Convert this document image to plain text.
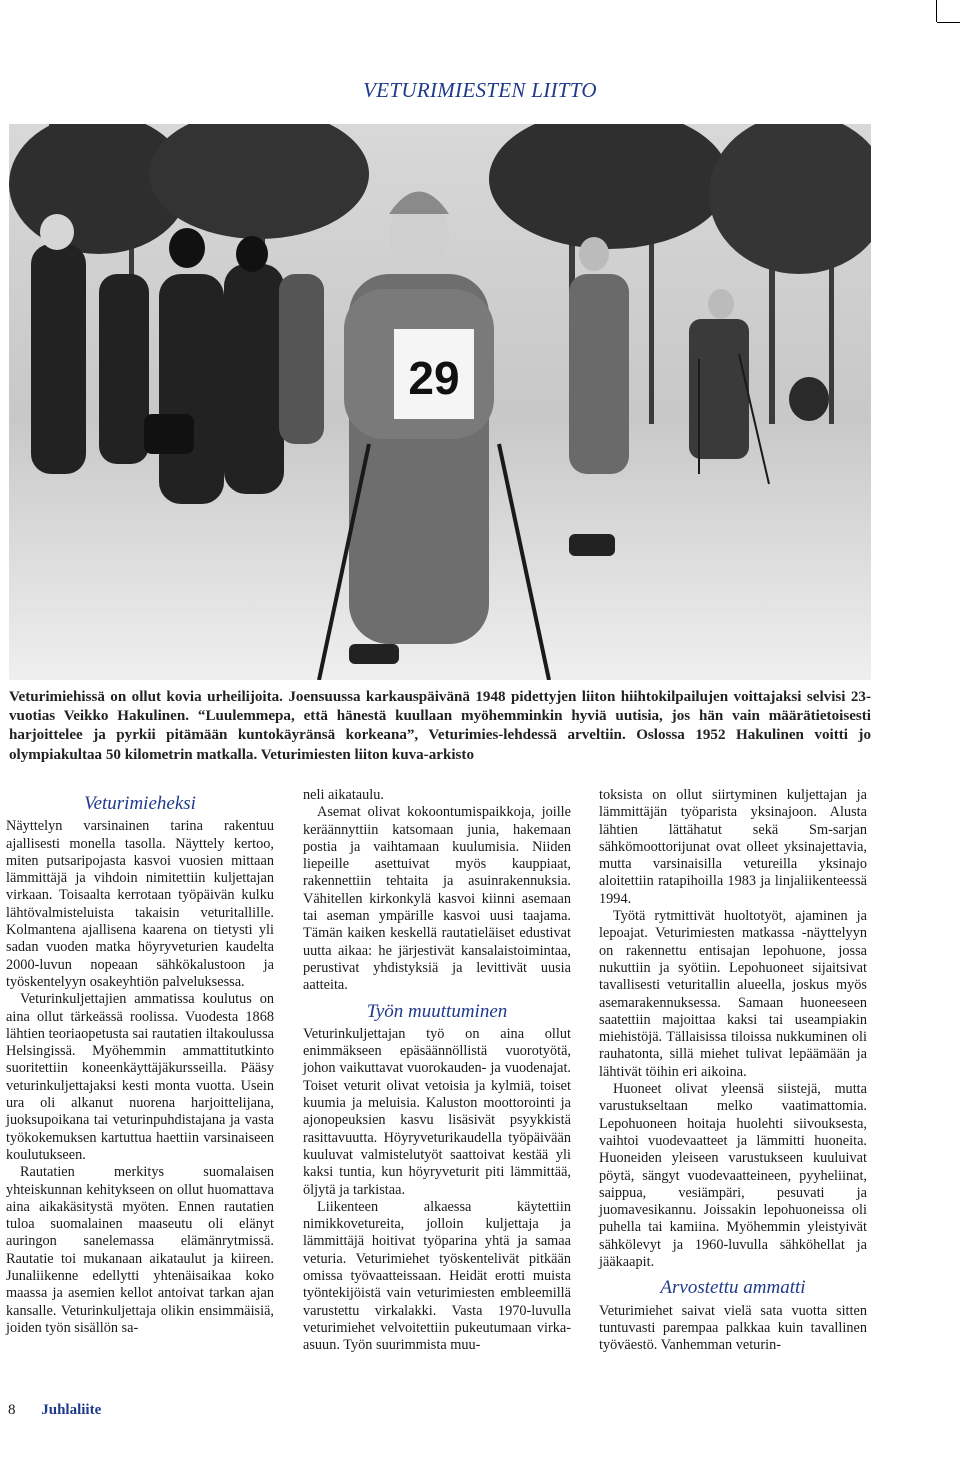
VETURIMIESTEN LIITTO
29
Veturimiehissä on ollut kovia urheilijoita. Joensuussa karkauspäivänä 1948 pidettyjen liiton hiihtokilpailujen voittajaksi selvisi 23-vuotias Veikko Hakulinen. “Luulemmepa, että hänestä kuullaan myöhemminkin hyviä uutisia, jos hän vain määrätietoisesti harjoittelee ja pyrkii pitämään kuntokäyränsä korkeana”, Veturimies-lehdessä arveltiin. Oslossa 1952 Hakulinen voitti jo olympiakultaa 50 kilometrin matkalla. Veturimiesten liiton kuva-arkisto
Veturimieheksi

Näyttelyn varsinainen tarina rakentuu ajallisesti monella tasolla. Näyttely kertoo, miten putsaripojasta kasvoi vuosien mittaan lämmittäjä ja vihdoin nimitettiin kuljettajan virkaan. Toisaalta kerrotaan työpäivän kulku lähtövalmisteluista takaisin veturitallille. Kolmantena ajallisena kaarena on tietysti yli sadan vuoden matka höyryveturien kaudelta 2000-luvun nopeaan sähkökalustoon ja työskentelyyn osakeyhtiön palveluksessa.

Veturinkuljettajien ammatissa koulutus on aina ollut tärkeässä roolissa. Vuodesta 1868 lähtien teoriaopetusta sai rautatien iltakoulussa Helsingissä. Myöhemmin ammattitutkinto suoritettiin koneenkäyttäjäkursseilla. Pääsy veturinkuljettajaksi kesti monta vuotta. Usein ura oli alkanut nuorena harjoittelijana, juoksupoikana tai veturinpuhdistajana ja vasta työkokemuksen kartuttua haettiin varsinaiseen koulutukseen.

Rautatien merkitys suomalaisen yhteiskunnan kehitykseen on ollut huomattava aina aikakäsitystä myöten. Ennen rautatien tuloa suomalainen maaseutu oli elänyt auringon sanelemassa elämänrytmissä. Rautatie toi mukanaan aikataulut ja kiireen. Junaliikenne edellytti yhtenäisaikaa koko maassa ja asemien kellot antoivat tarkan ajan kansalle. Veturinkuljettaja olikin ensimmäisiä, joiden työn sisällön sa-

neli aikataulu.

Asemat olivat kokoontumispaikkoja, joille keräännyttiin katsomaan junia, hakemaan postia ja vaihtamaan kuulumisia. Niiden liepeille asettuivat myös kauppiaat, rakennettiin tehtaita ja asuinrakennuksia. Vähitellen kirkonkylä kasvoi kiinni asemaan tai aseman ympärille kasvoi uusi taajama. Tämän kaiken keskellä rautatieläiset edustivat uutta aikaa: he järjestivät kansalaistoimintaa, perustivat yhdistyksiä ja levittivät uusia aatteita.

Työn muuttuminen

Veturinkuljettajan työ on aina ollut enimmäkseen epäsäännöllistä vuorotyötä, johon vaikuttavat vuorokauden- ja vuodenajat. Toiset veturit olivat vetoisia ja kylmiä, toiset kuumia ja meluisia. Kaluston moottorointi ja ajonopeuksien kasvu lisäsivät psyykkistä rasittavuutta. Höyryveturikaudella työpäivään kuuluvat valmistelutyöt saattoivat kestää yli kaksi tuntia, kun höyryveturit piti lämmittää, öljytä ja tarkistaa.

Liikenteen alkaessa käytettiin nimikkovetureita, jolloin kuljettaja ja lämmittäjä hoitivat työparina yhtä ja samaa veturia. Veturimiehet työskentelivät pitkään omissa työvaatteissaan. Heidät erotti muista työntekijöistä vain veturimiesten embleemillä varustettu virkalakki. Vasta 1970-luvulla veturimiehet velvoitettiin pukeutumaan virka-asuun. Työn suurimmista muu-

toksista on ollut siirtyminen kuljettajan ja lämmittäjän työparista yksinajoon. Alusta lähtien lättähatut sekä Sm-sarjan sähkömoottorijunat ovat olleet yksinajettavia, mutta varsinaisilla vetureilla yksinajo aloitettiin ratapihoilla 1983 ja linjaliikenteessä 1994.

Työtä rytmittivät huoltotyöt, ajaminen ja lepoajat. Veturimiesten matkassa -näyttelyyn on rakennettu entisajan lepohuone, jossa nukuttiin ja syötiin. Lepohuoneet sijaitsivat tavallisesti veturitallin alueella, joskus myös asemarakennuksessa. Samaan huoneeseen saatettiin majoittaa kaksi tai useampiakin miehistöjä. Tällaisissa tiloissa nukkuminen oli rauhatonta, sillä miehet tulivat lepäämään ja lähtivät töihin eri aikoina.

Huoneet olivat yleensä siistejä, mutta varustukseltaan melko vaatimattomia. Lepohuoneen hoitaja huolehti siivouksesta, vaihtoi vuodevaatteet ja lämmitti huoneita. Huoneiden yleiseen varustukseen kuuluivat pöytä, sängyt vuodevaatteineen, pyyheliinat, saippua, vesiämpäri, pesuvati ja juomavesikannu. Joissakin lepohuoneissa oli puhella tai kamiina. Myöhemmin yleistyivät sähkölevyt ja 1960-luvulla sähköhellat ja jääkaapit.

Arvostettu ammatti

Veturimiehet saivat vielä sata vuotta sitten tuntuvasti parempaa palkkaa kuin tavallinen työväestö. Vanhemman veturin-

8 Juhlaliite
